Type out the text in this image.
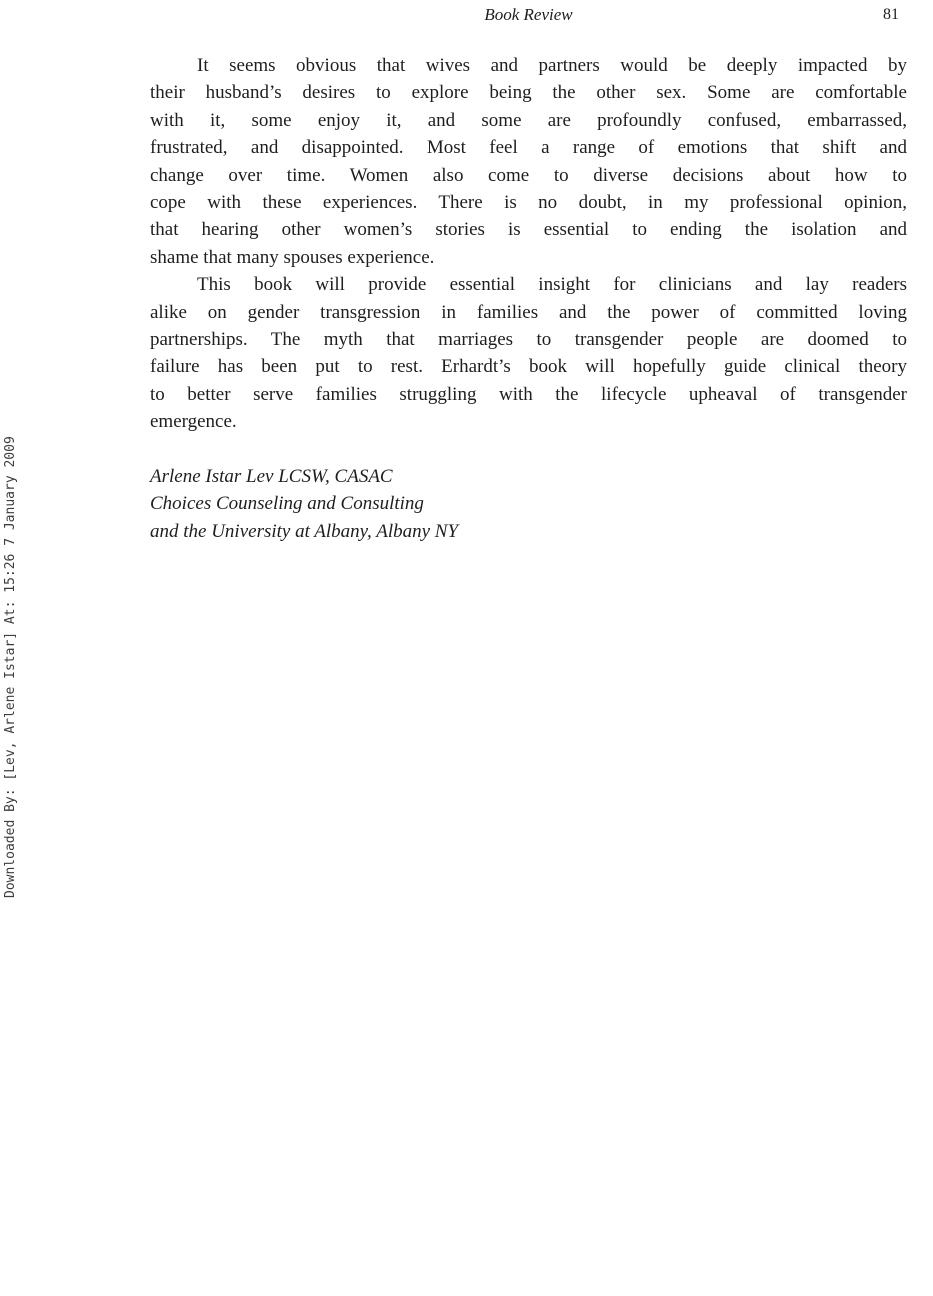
Book Review	81
It seems obvious that wives and partners would be deeply impacted by
their husband’s desires to explore being the other sex. Some are comfortable
with it, some enjoy it, and some are profoundly confused, embarrassed,
frustrated, and disappointed. Most feel a range of emotions that shift and
change over time. Women also come to diverse decisions about how to
cope with these experiences. There is no doubt, in my professional opinion,
that hearing other women’s stories is essential to ending the isolation and
shame that many spouses experience.
This book will provide essential insight for clinicians and lay readers
alike on gender transgression in families and the power of committed loving
partnerships. The myth that marriages to transgender people are doomed to
failure has been put to rest. Erhardt’s book will hopefully guide clinical theory
to better serve families struggling with the lifecycle upheaval of transgender
emergence.
Arlene Istar Lev LCSW, CASAC
Choices Counseling and Consulting
and the University at Albany, Albany NY
Downloaded By: [Lev, Arlene Istar] At: 15:26 7 January 2009
